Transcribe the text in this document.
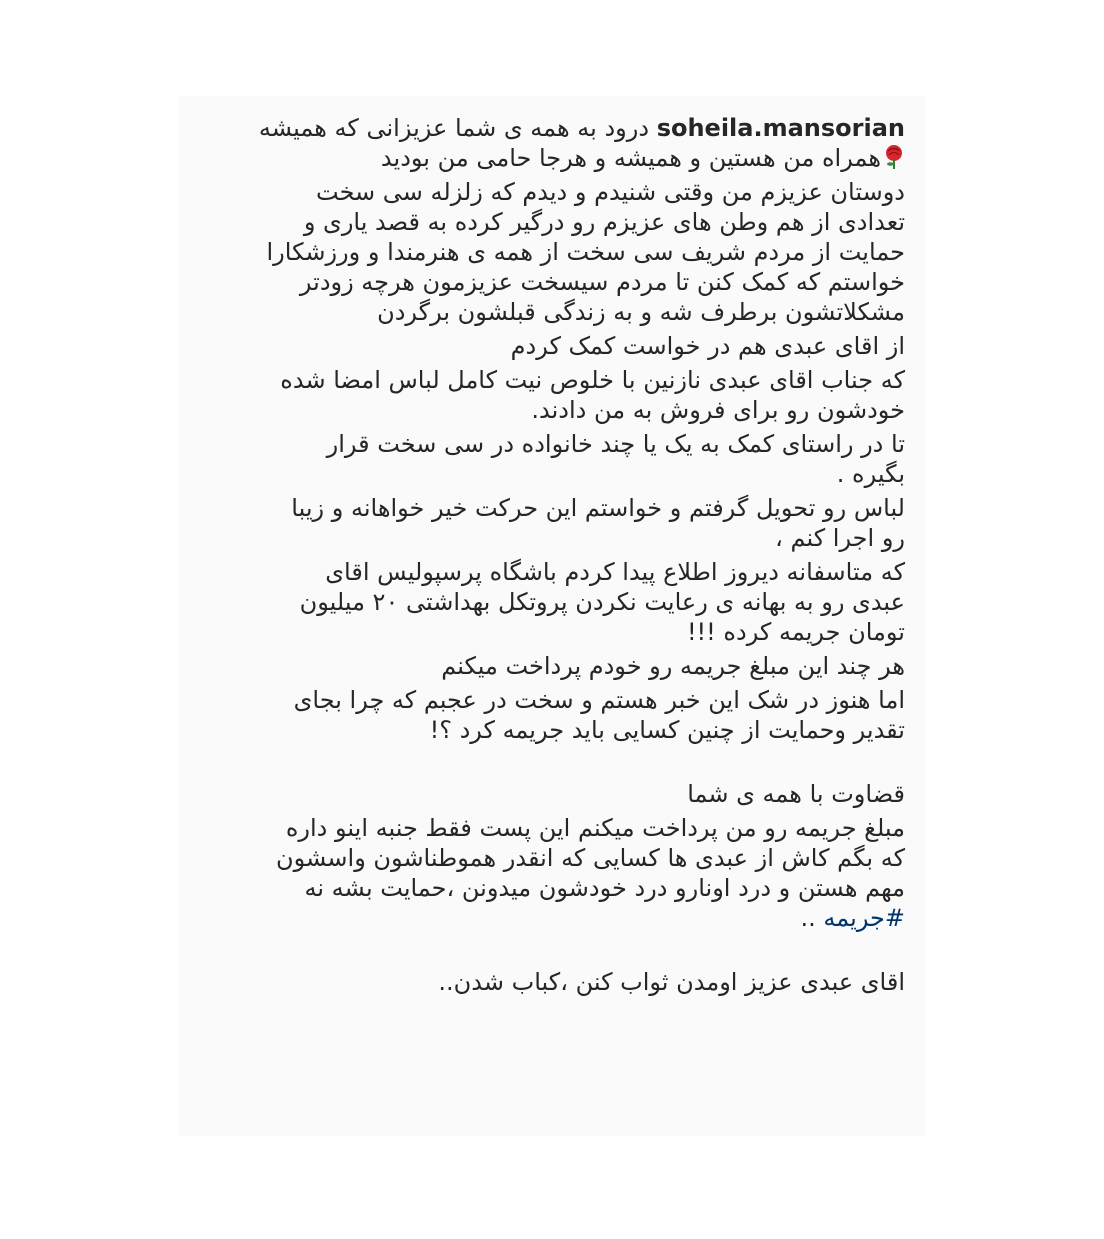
soheila.mansorian درود به همه ی شما عزیزانی که همیشه
همراه من هستین و همیشه و هرجا حامی من بودید
دوستان عزیزم من وقتی شنیدم و دیدم که زلزله سی سخت
تعدادی از هم وطن های عزیزم رو درگیر کرده به قصد یاری و
حمایت از مردم شریف سی سخت از همه ی هنرمندا و ورزشکارا
خواستم که کمک کنن تا مردم سیسخت عزیزمون هرچه زودتر
مشکلاتشون برطرف شه و به زندگی قبلشون برگردن
از اقای عبدی هم در خواست کمک کردم
که جناب اقای عبدی نازنین با خلوص نیت کامل لباس امضا شده
خودشون رو برای فروش به من دادند.
تا در راستای کمک به یک یا چند خانواده در سی سخت قرار
بگیره .
لباس رو تحویل گرفتم و خواستم این حرکت خیر خواهانه و زیبا
رو اجرا کنم ،
که متاسفانه دیروز اطلاع پیدا کردم باشگاه پرسپولیس اقای
عبدی رو به بهانه ی رعایت نکردن پروتکل بهداشتی ۲۰ میلیون
تومان جریمه کرده !!!
هر چند این مبلغ جریمه رو خودم پرداخت میکنم
اما هنوز در شک این خبر هستم و سخت در عجبم که چرا بجای
تقدیر وحمایت از چنین کسایی باید جریمه کرد ؟!
قضاوت با همه ی شما
مبلغ جریمه رو من پرداخت میکنم این پست فقط جنبه اینو داره
که بگم کاش از عبدی ها کسایی که انقدر هموطناشون واسشون
مهم هستن و درد اونارو درد خودشون میدونن ،حمایت بشه نه
#جریمه ..
اقای عبدی عزیز اومدن ثواب کنن ،کباب شدن..
